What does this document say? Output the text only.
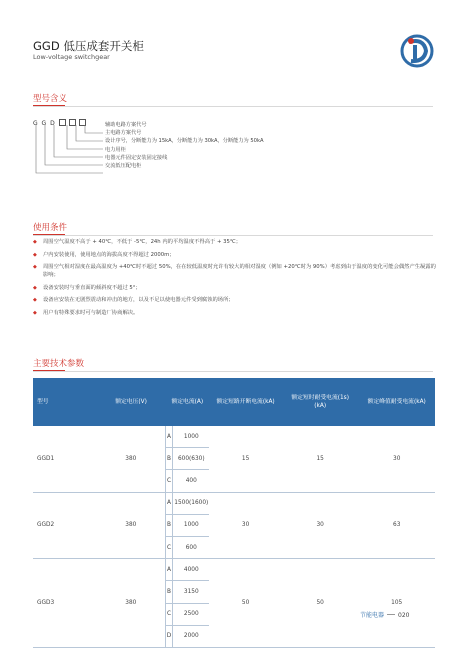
GGD 低压成套开关柜
Low-voltage switchgear
型号含义
G G D	辅助电路方案代号
主电路方案代号
设计序号，分断能力为 15kA，分断能力为 30kA，分断能力为 50kA
电力用柜
电器元件固定安装固定接线
交流低压配电柜
使用条件
◆ 周围空气温度不高于 + 40℃，不低于 -5℃，24h 内的平均温度不得高于 + 35℃；
◆ 户内安装使用，使用地点的海拔高度不得超过 2000m；
◆ 周围空气相对湿度在最高温度为 +40℃时不超过 50%，在在较低温度时允许有较大的相对湿度（例如 +20℃时为 90%）考虑到由于温度的变化可能会偶然产生凝露的影响；
◆ 设备安装时与垂直面的倾斜度不超过 5°；
◆ 设备应安装在无剧烈震动和冲击的地方，以及不足以使电器元件受到腐蚀的场所；
◆ 用户有特殊要求时可与制造厂协商解决。
主要技术参数
型号	额定电压(V)	额定电流(A)		额定短路开断电流(kA)	额定短时耐受电流(1s)(kA)	额定峰值耐受电流(kA)
GGD1	380	A	1000	15	15	30
		B	600(630)			
		C	400			
GGD2	380	A	1500(1600)	30	30	63
		B	1000			
		C	600			
GGD3	380	A	4000	50	50	105
		B	3150			
		C	2500			
		D	2000			
节能电器 020
